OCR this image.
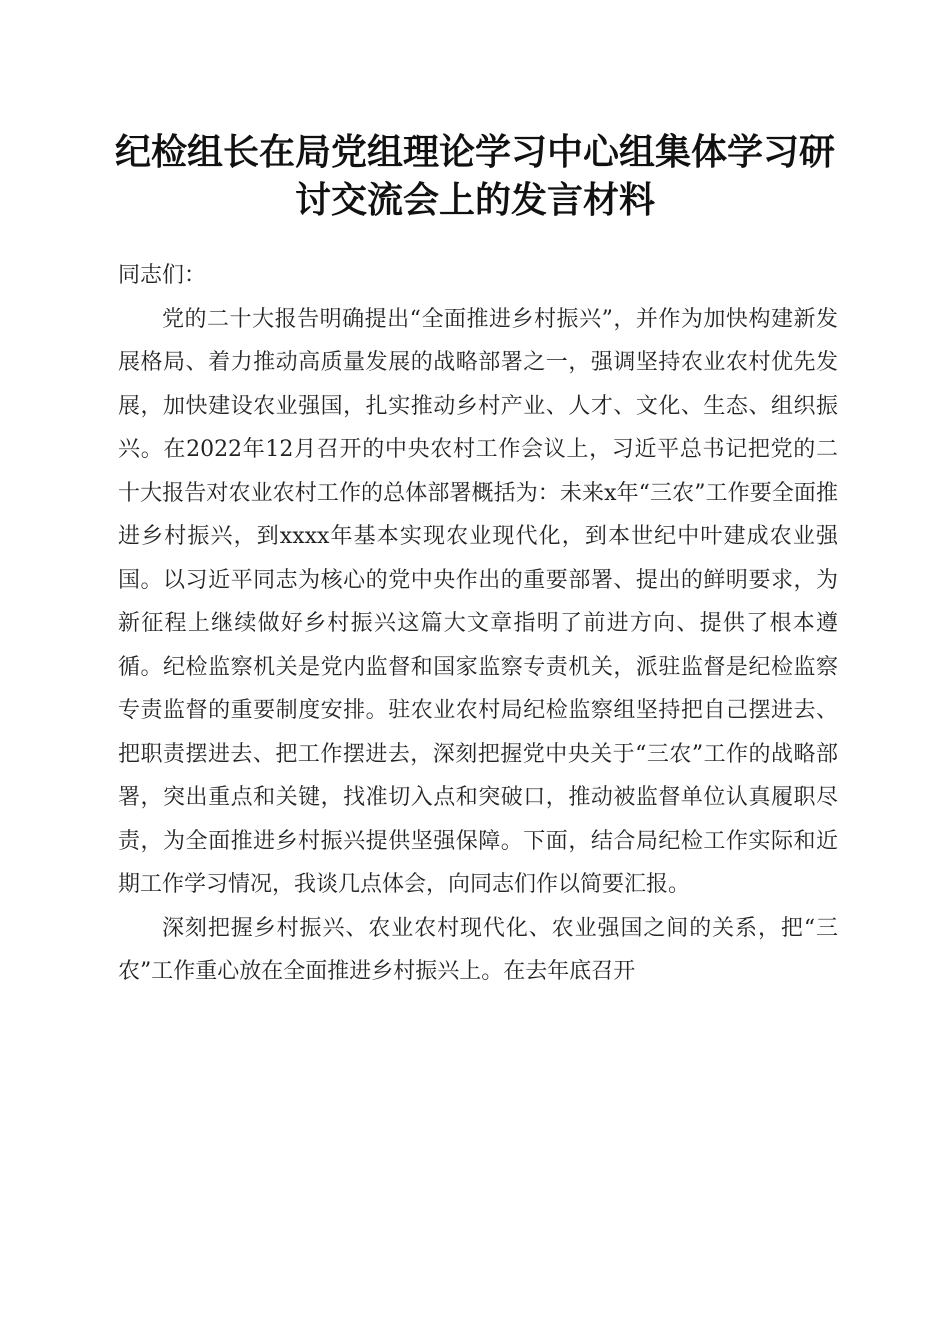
纪检组长在局党组理论学习中心组集体学习研
讨交流会上的发言材料

同志们：

党的二十大报告明确提出“全面推进乡村振兴”，并作为加快构建新发展格局、着力推动高质量发展的战略部署之一，强调坚持农业农村优先发展，加快建设农业强国，扎实推动乡村产业、人才、文化、生态、组织振兴。在2022年12月召开的中央农村工作会议上，习近平总书记把党的二十大报告对农业农村工作的总体部署概括为：未来x年“三农”工作要全面推进乡村振兴，到xxxx年基本实现农业现代化，到本世纪中叶建成农业强国。以习近平同志为核心的党中央作出的重要部署、提出的鲜明要求，为新征程上继续做好乡村振兴这篇大文章指明了前进方向、提供了根本遵循。纪检监察机关是党内监督和国家监察专责机关，派驻监督是纪检监察专责监督的重要制度安排。驻农业农村局纪检监察组坚持把自己摆进去、把职责摆进去、把工作摆进去，深刻把握党中央关于“三农”工作的战略部署，突出重点和关键，找准切入点和突破口，推动被监督单位认真履职尽责，为全面推进乡村振兴提供坚强保障。下面，结合局纪检工作实际和近期工作学习情况，我谈几点体会，向同志们作以简要汇报。

深刻把握乡村振兴、农业农村现代化、农业强国之间的关系，把“三农”工作重心放在全面推进乡村振兴上。在去年底召开
